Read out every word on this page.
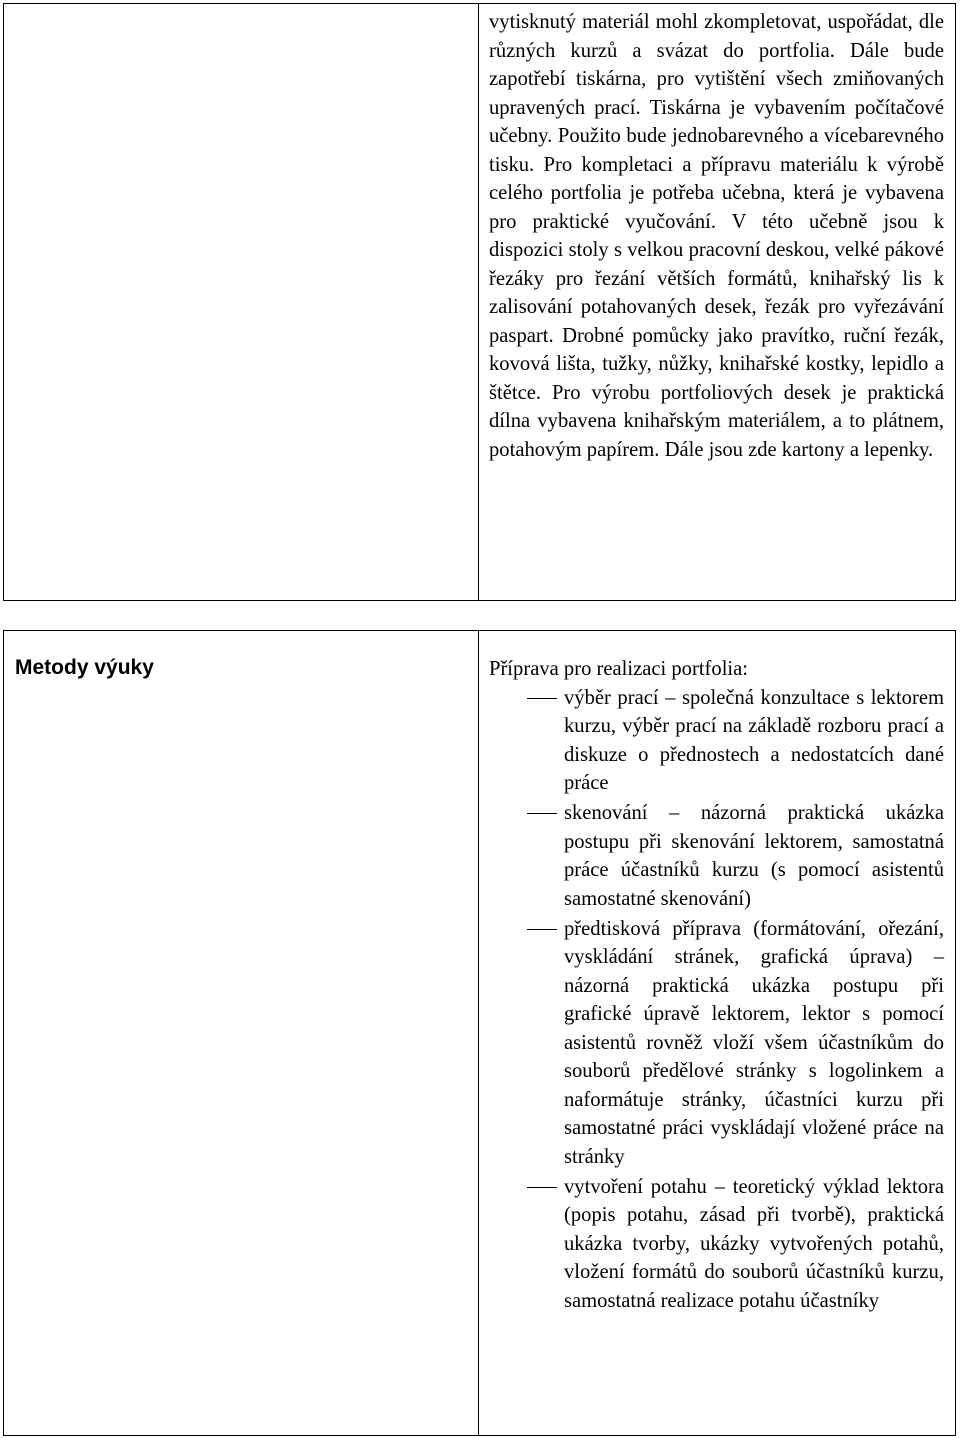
vytisknutý materiál mohl zkompletovat, uspořádat, dle různých kurzů a svázat do portfolia. Dále bude zapotřebí tiskárna, pro vytištění všech zmiňovaných upravených prací. Tiskárna je vybavením počítačové učebny. Použito bude jednobarevného a vícebarevného tisku. Pro kompletaci a přípravu materiálu k výrobě celého portfolia je potřeba učebna, která je vybavena pro praktické vyučování. V této učebně jsou k dispozici stoly s velkou pracovní deskou, velké pákové řezáky pro řezání větších formátů, knihařský lis k zalisování potahovaných desek, řezák pro vyřezávání paspart. Drobné pomůcky jako pravítko, ruční řezák, kovová lišta, tužky, nůžky, knihařské kostky, lepidlo a štětce. Pro výrobu portfoliových desek je praktická dílna vybavena knihařským materiálem, a to plátnem, potahovým papírem. Dále jsou zde kartony a lepenky.

Metody výuky	Příprava pro realizaci portfolia:

výběr prací – společná konzultace s lektorem kurzu, výběr prací na základě rozboru prací a diskuze o přednostech a nedostatcích dané práce
skenování – názorná praktická ukázka postupu při skenování lektorem, samostatná práce účastníků kurzu (s pomocí asistentů samostatné skenování)
předtisková příprava (formátování, ořezání, vyskládání stránek, grafická úprava) – názorná praktická ukázka postupu při grafické úpravě lektorem, lektor s pomocí asistentů rovněž vloží všem účastníkům do souborů předělové stránky s logolinkem a naformátuje stránky, účastníci kurzu při samostatné práci vyskládají vložené práce na stránky
vytvoření potahu – teoretický výklad lektora (popis potahu, zásad při tvorbě), praktická ukázka tvorby, ukázky vytvořených potahů, vložení formátů do souborů účastníků kurzu, samostatná realizace potahu účastníky
